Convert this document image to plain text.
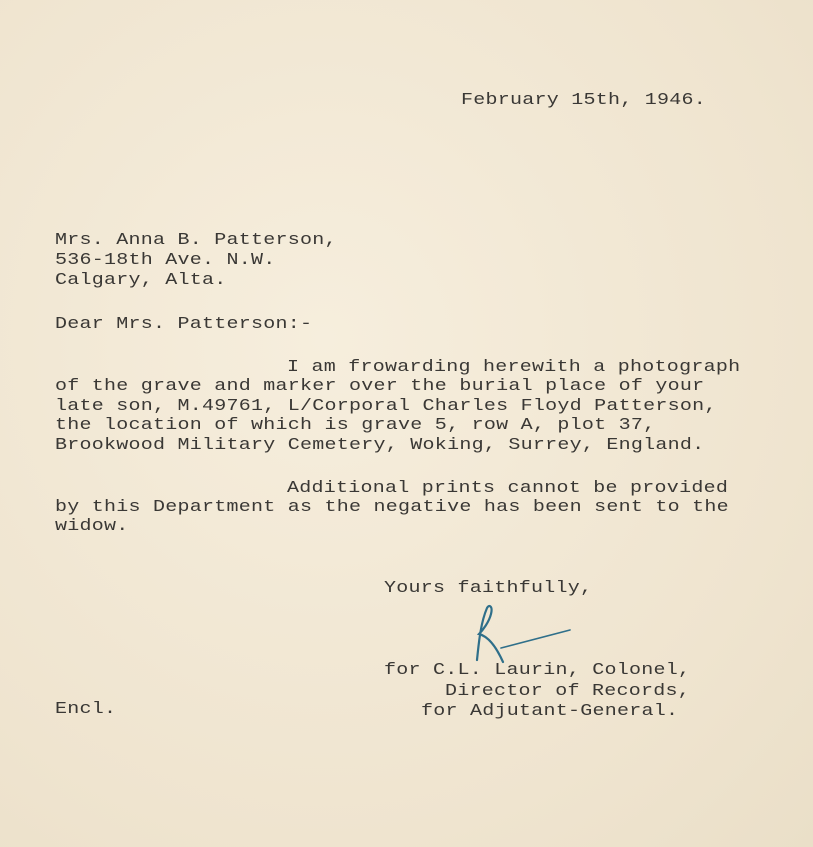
February 15th, 1946.
Mrs. Anna B. Patterson,
536-18th Ave. N.W.
Calgary, Alta.
Dear Mrs. Patterson:-
I am frowarding herewith a photograph
of the grave and marker over the burial place of your
late son, M.49761, L/Corporal Charles Floyd Patterson,
the location of which is grave 5, row A, plot 37,
Brookwood Military Cemetery, Woking, Surrey, England.
Additional prints cannot be provided
by this Department as the negative has been sent to the
widow.
Yours faithfully,
for C.L. Laurin, Colonel,
Director of Records,
for Adjutant-General.
Encl.
